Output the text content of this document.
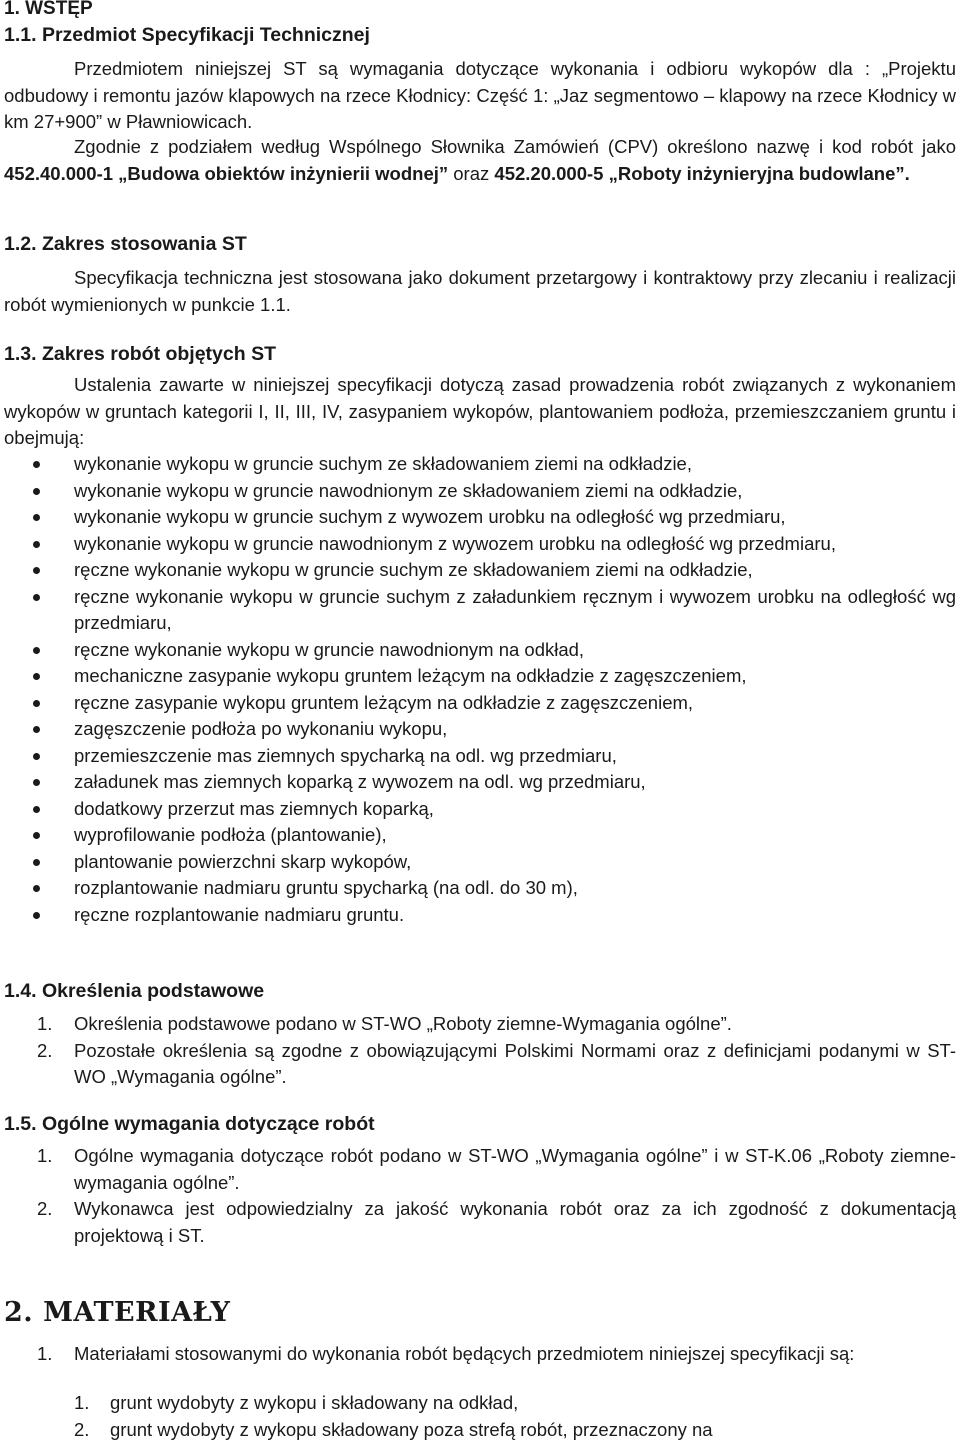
1. WSTĘP
1.1. Przedmiot Specyfikacji Technicznej
Przedmiotem niniejszej ST są wymagania dotyczące wykonania i odbioru wykopów dla : „Projektu odbudowy i remontu jazów klapowych na rzece Kłodnicy: Część 1: „Jaz segmentowo – klapowy na rzece Kłodnicy w km 27+900” w Pławniowicach.
Zgodnie z podziałem według Wspólnego Słownika Zamówień (CPV) określono nazwę i kod robót jako 452.40.000-1 „Budowa obiektów inżynierii wodnej” oraz 452.20.000-5 „Roboty inżynieryjna budowlane”.
1.2. Zakres stosowania ST
Specyfikacja techniczna jest stosowana jako dokument przetargowy i kontraktowy przy zlecaniu i realizacji robót wymienionych w punkcie 1.1.
1.3. Zakres robót objętych ST
Ustalenia zawarte w niniejszej specyfikacji dotyczą zasad prowadzenia robót związanych z wykonaniem wykopów w gruntach kategorii I, II, III, IV, zasypaniem wykopów, plantowaniem podłoża, przemieszczaniem gruntu i obejmują:
wykonanie wykopu w gruncie suchym ze składowaniem ziemi na odkładzie,
wykonanie wykopu w gruncie nawodnionym ze składowaniem ziemi na odkładzie,
wykonanie wykopu w gruncie suchym z wywozem urobku na odległość wg przedmiaru,
wykonanie wykopu w gruncie nawodnionym z wywozem urobku na odległość wg przedmiaru,
ręczne wykonanie wykopu w gruncie suchym ze składowaniem ziemi na odkładzie,
ręczne wykonanie wykopu w gruncie suchym z załadunkiem ręcznym i wywozem urobku na odległość wg przedmiaru,
ręczne wykonanie wykopu w gruncie nawodnionym na odkład,
mechaniczne zasypanie wykopu gruntem leżącym na odkładzie z zagęszczeniem,
ręczne zasypanie wykopu gruntem leżącym na odkładzie z zagęszczeniem,
zagęszczenie podłoża po wykonaniu wykopu,
przemieszczenie mas ziemnych spycharką na odl. wg przedmiaru,
załadunek mas ziemnych koparką z wywozem na odl. wg przedmiaru,
dodatkowy przerzut mas ziemnych koparką,
wyprofilowanie podłoża (plantowanie),
plantowanie powierzchni skarp wykopów,
rozplantowanie nadmiaru gruntu spycharką (na odl. do 30 m),
ręczne rozplantowanie nadmiaru gruntu.
1.4. Określenia podstawowe
1. Określenia podstawowe podano w ST-WO „Roboty ziemne-Wymagania ogólne”.
2. Pozostałe określenia są zgodne z obowiązującymi Polskimi Normami oraz z definicjami podanymi w ST-WO „Wymagania ogólne”.
1.5. Ogólne wymagania dotyczące robót
1. Ogólne wymagania dotyczące robót podano w ST-WO „Wymagania ogólne” i w ST-K.06 „Roboty ziemne-wymagania ogólne”.
2. Wykonawca jest odpowiedzialny za jakość wykonania robót oraz za ich zgodność z dokumentacją projektową i ST.
2. MATERIAŁY
1. Materiałami stosowanymi do wykonania robót będących przedmiotem niniejszej specyfikacji są:
1. grunt wydobyty z wykopu i składowany na odkład,
2. grunt wydobyty z wykopu składowany poza strefą robót, przeznaczony na
